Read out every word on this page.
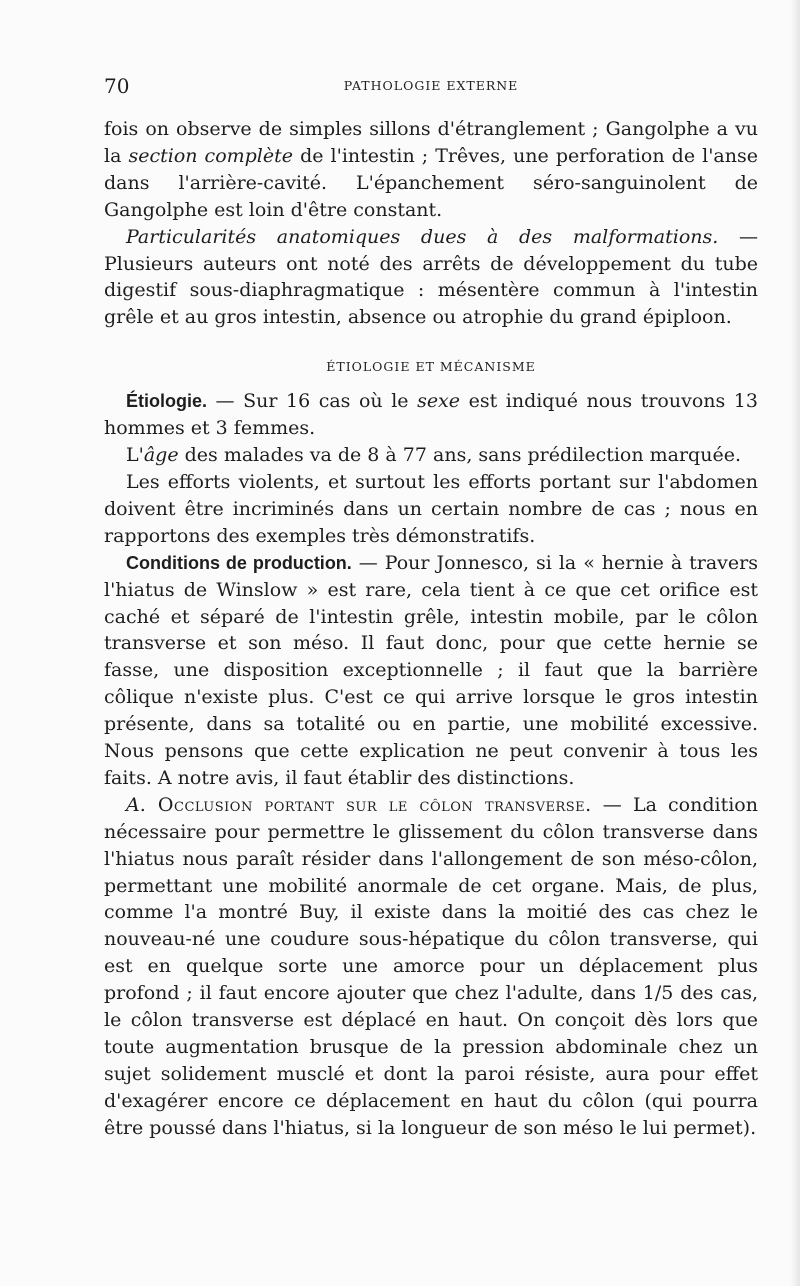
70	PATHOLOGIE EXTERNE

fois on observe de simples sillons d'étranglement ; Gangolphe a vu la section complète de l'intestin ; Trêves, une perforation de l'anse dans l'arrière-cavité. L'épanchement séro-sanguinolent de Gangolphe est loin d'être constant.

Particularités anatomiques dues à des malformations. — Plusieurs auteurs ont noté des arrêts de développement du tube digestif sous-diaphragmatique : mésentère commun à l'intestin grêle et au gros intestin, absence ou atrophie du grand épiploon.

ÉTIOLOGIE ET MÉCANISME

Étiologie. — Sur 16 cas où le sexe est indiqué nous trouvons 13 hommes et 3 femmes.

L'âge des malades va de 8 à 77 ans, sans prédilection marquée.

Les efforts violents, et surtout les efforts portant sur l'abdomen doivent être incriminés dans un certain nombre de cas ; nous en rapportons des exemples très démonstratifs.

Conditions de production. — Pour Jonnesco, si la « hernie à travers l'hiatus de Winslow » est rare, cela tient à ce que cet orifice est caché et séparé de l'intestin grêle, intestin mobile, par le côlon transverse et son méso. Il faut donc, pour que cette hernie se fasse, une disposition exceptionnelle ; il faut que la barrière côlique n'existe plus. C'est ce qui arrive lorsque le gros intestin présente, dans sa totalité ou en partie, une mobilité excessive. Nous pensons que cette explication ne peut convenir à tous les faits. A notre avis, il faut établir des distinctions.

A. Occlusion portant sur le côlon transverse. — La condition nécessaire pour permettre le glissement du côlon transverse dans l'hiatus nous paraît résider dans l'allongement de son méso-côlon, permettant une mobilité anormale de cet organe. Mais, de plus, comme l'a montré Buy, il existe dans la moitié des cas chez le nouveau-né une coudure sous-hépatique du côlon transverse, qui est en quelque sorte une amorce pour un déplacement plus profond ; il faut encore ajouter que chez l'adulte, dans 1/5 des cas, le côlon transverse est déplacé en haut. On conçoit dès lors que toute augmentation brusque de la pression abdominale chez un sujet solidement musclé et dont la paroi résiste, aura pour effet d'exagérer encore ce déplacement en haut du côlon (qui pourra être poussé dans l'hiatus, si la longueur de son méso le lui permet).
